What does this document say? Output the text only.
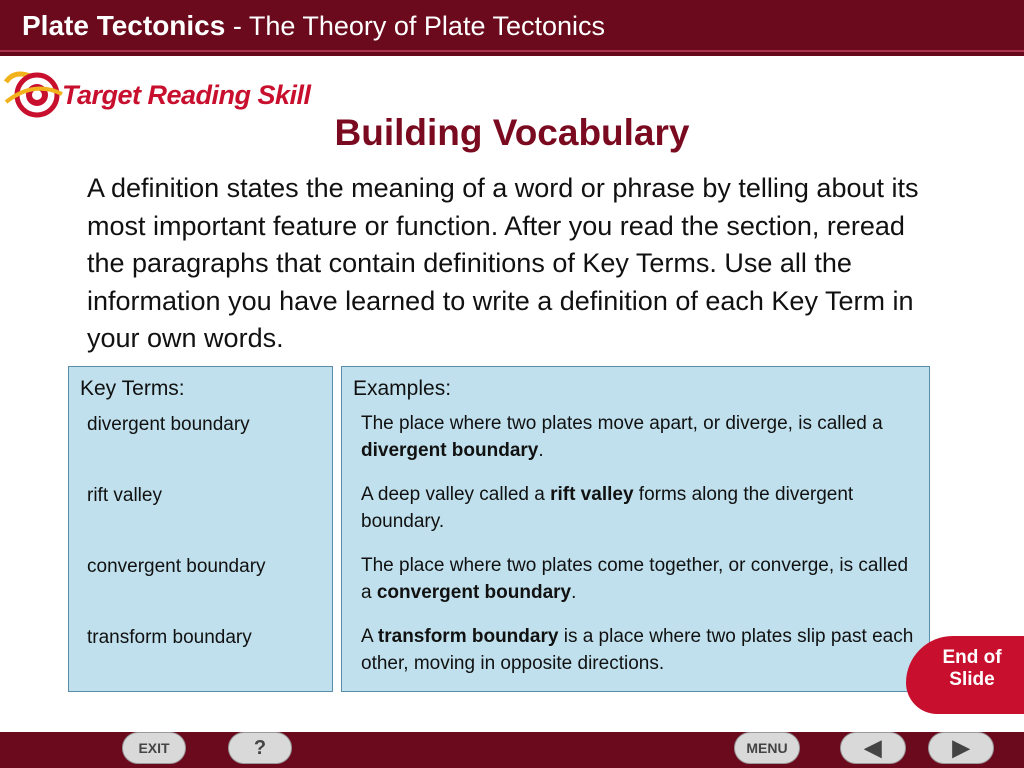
Plate Tectonics - The Theory of Plate Tectonics
Target Reading Skill
Building Vocabulary
A definition states the meaning of a word or phrase by telling about its most important feature or function. After you read the section, reread the paragraphs that contain definitions of Key Terms. Use all the information you have learned to write a definition of each Key Term in your own words.
Key Terms:	Examples:
divergent boundary	The place where two plates move apart, or diverge, is called a divergent boundary.
rift valley	A deep valley called a rift valley forms along the divergent boundary.
convergent boundary	The place where two plates come together, or converge, is called a convergent boundary.
transform boundary	A transform boundary is a place where two plates slip past each other, moving in opposite directions.	End of
Slide
EXIT	?	MENU	◀	▶
